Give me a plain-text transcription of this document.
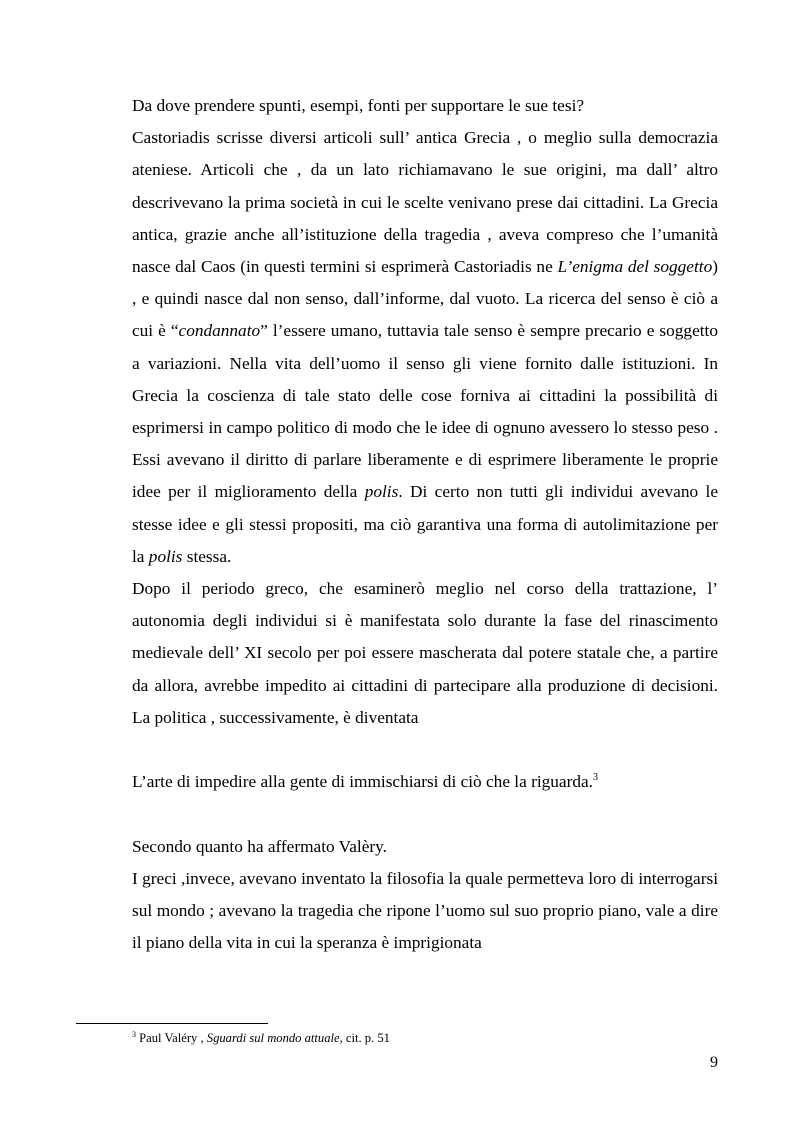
Da dove prendere spunti, esempi, fonti per supportare le sue tesi?

Castoriadis scrisse diversi articoli sull’ antica Grecia , o meglio sulla democrazia ateniese. Articoli che , da un lato richiamavano le sue origini, ma dall’ altro descrivevano la prima società in cui le scelte venivano prese dai cittadini. La Grecia antica, grazie anche all’istituzione della tragedia , aveva compreso che l’umanità nasce dal Caos (in questi termini si esprimerà Castoriadis ne L’enigma del soggetto) , e quindi nasce dal non senso, dall’informe, dal vuoto. La ricerca del senso è ciò a cui è “condannato” l’essere umano, tuttavia tale senso è sempre precario e soggetto a variazioni. Nella vita dell’uomo il senso gli viene fornito dalle istituzioni. In Grecia la coscienza di tale stato delle cose forniva ai cittadini la possibilità di esprimersi in campo politico di modo che le idee di ognuno avessero lo stesso peso . Essi avevano il diritto di parlare liberamente e di esprimere liberamente le proprie idee per il miglioramento della polis. Di certo non tutti gli individui avevano le stesse idee e gli stessi propositi, ma ciò garantiva una forma di autolimitazione per la polis stessa.

Dopo il periodo greco, che esaminerò meglio nel corso della trattazione, l’ autonomia degli individui si è manifestata solo durante la fase del rinascimento medievale dell’ XI secolo per poi essere mascherata dal potere statale che, a partire da allora, avrebbe impedito ai cittadini di partecipare alla produzione di decisioni. La politica , successivamente, è diventata

L’arte di impedire alla gente di immischiarsi di ciò che la riguarda.$^3$

Secondo quanto ha affermato Valèry.

I greci ,invece, avevano inventato la filosofia la quale permetteva loro di interrogarsi sul mondo ; avevano la tragedia che ripone l’uomo sul suo proprio piano, vale a dire il piano della vita in cui la speranza è imprigionata

$^3$ Paul Valéry , Sguardi sul mondo attuale, cit. p. 51
9
